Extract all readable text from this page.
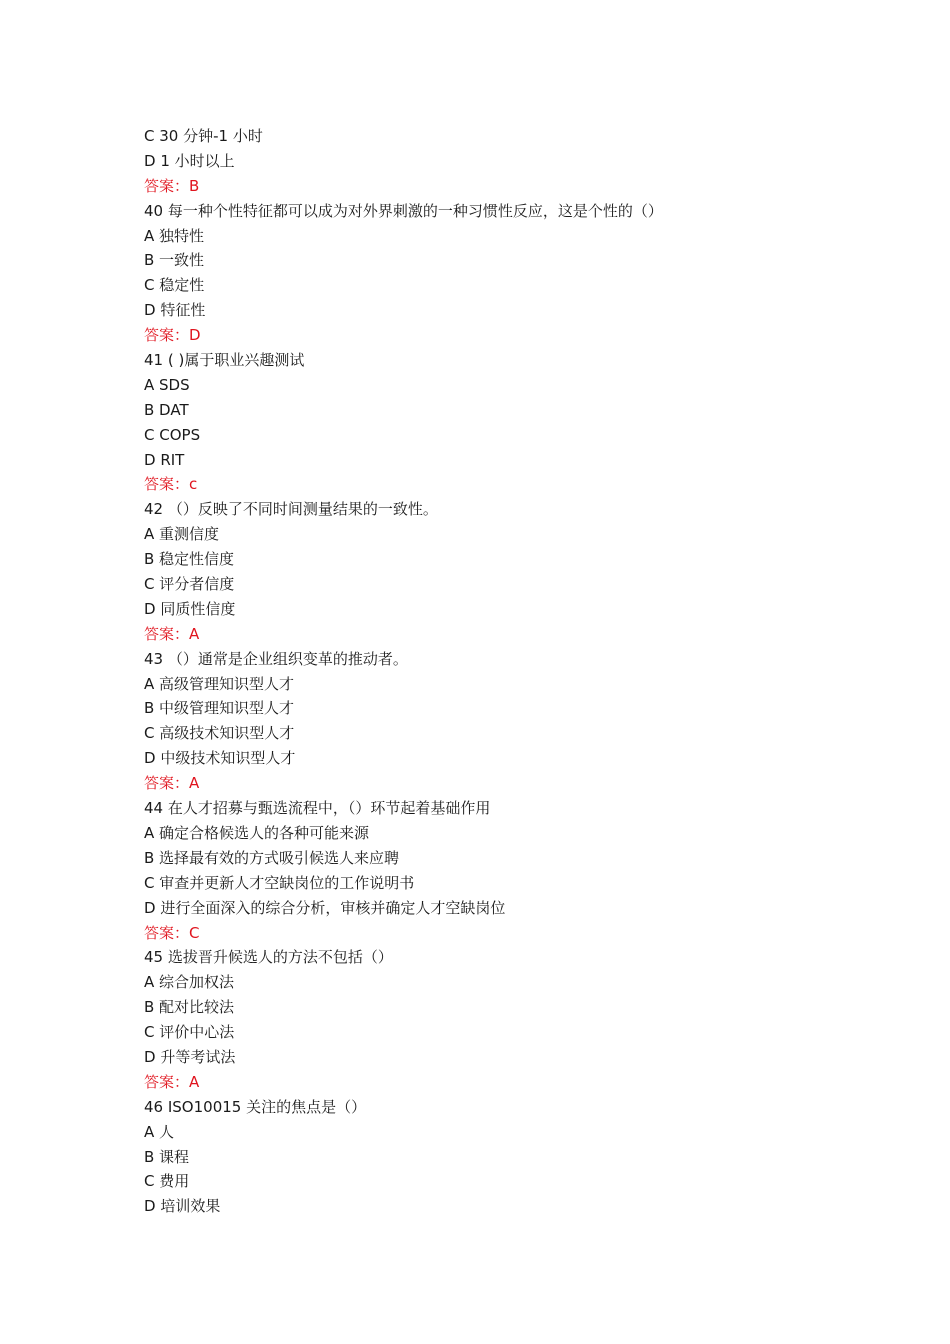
C 30 分钟-1 小时
D 1 小时以上
答案：B
40 每一种个性特征都可以成为对外界刺激的一种习惯性反应，这是个性的（）
A 独特性
B 一致性
C 稳定性
D 特征性
答案：D
41 ( )属于职业兴趣测试
A SDS
B DAT
C COPS
D RIT
答案：c
42 （）反映了不同时间测量结果的一致性。
A 重测信度
B 稳定性信度
C 评分者信度
D 同质性信度
答案：A
43 （）通常是企业组织变革的推动者。
A 高级管理知识型人才
B 中级管理知识型人才
C 高级技术知识型人才
D 中级技术知识型人才
答案：A
44 在人才招募与甄选流程中，（）环节起着基础作用
A 确定合格候选人的各种可能来源
B 选择最有效的方式吸引候选人来应聘
C 审查并更新人才空缺岗位的工作说明书
D 进行全面深入的综合分析，审核并确定人才空缺岗位
答案：C
45 选拔晋升候选人的方法不包括（）
A 综合加权法
B 配对比较法
C 评价中心法
D 升等考试法
答案：A
46 ISO10015 关注的焦点是（）
A 人
B 课程
C 费用
D 培训效果
